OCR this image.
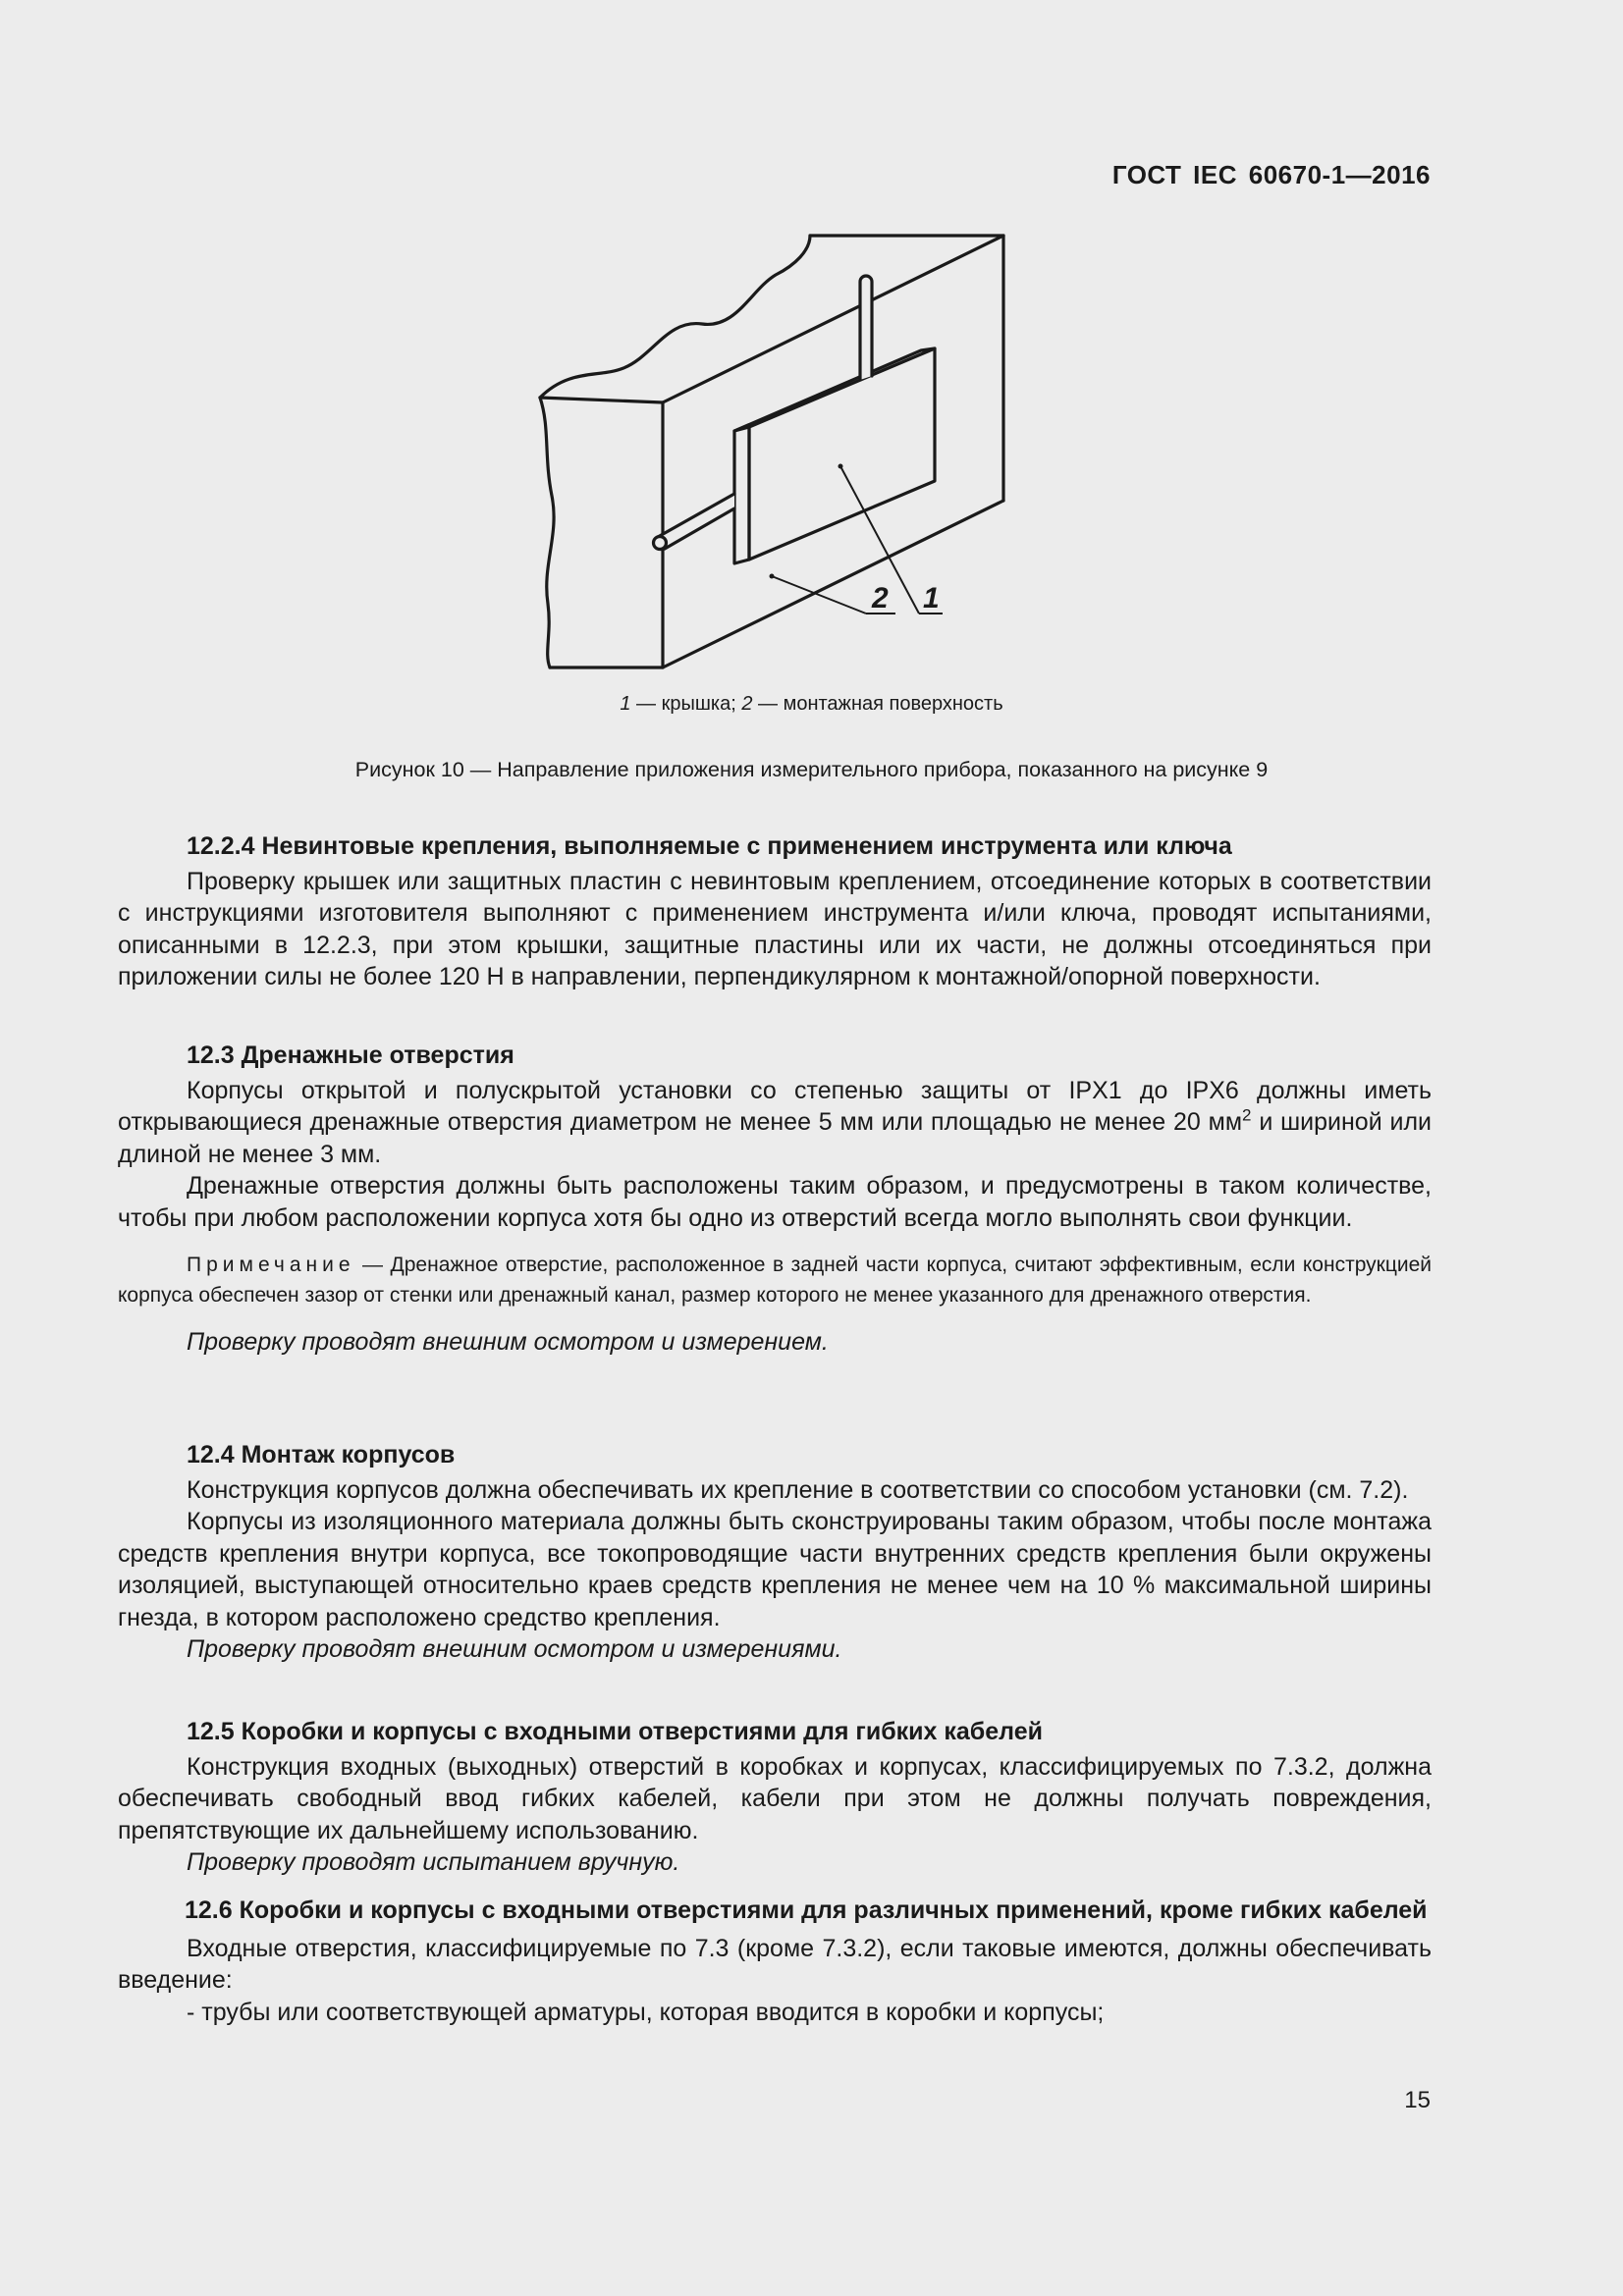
ГОСТ IEC 60670-1—2016
2 1
1 — крышка; 2 — монтажная поверхность
Рисунок 10 — Направление приложения измерительного прибора, показанного на рисунке 9

12.2.4 Невинтовые крепления, выполняемые с применением инструмента или ключа

Проверку крышек или защитных пластин с невинтовым креплением, отсоединение которых в соответствии с инструкциями изготовителя выполняют с применением инструмента и/или ключа, проводят испытаниями, описанными в 12.2.3, при этом крышки, защитные пластины или их части, не должны отсоединяться при приложении силы не более 120 Н в направлении, перпендикулярном к монтажной/опорной поверхности.

12.3 Дренажные отверстия

Корпусы открытой и полускрытой установки со степенью защиты от IPX1 до IPX6 должны иметь открывающиеся дренажные отверстия диаметром не менее 5 мм или площадью не менее 20 $мм^2$ и шириной или длиной не менее 3 мм.

Дренажные отверстия должны быть расположены таким образом, и предусмотрены в таком количестве, чтобы при любом расположении корпуса хотя бы одно из отверстий всегда могло выполнять свои функции.

Примечание — Дренажное отверстие, расположенное в задней части корпуса, считают эффективным, если конструкцией корпуса обеспечен зазор от стенки или дренажный канал, размер которого не менее указанного для дренажного отверстия.

Проверку проводят внешним осмотром и измерением.

12.4 Монтаж корпусов

Конструкция корпусов должна обеспечивать их крепление в соответствии со способом установки (см. 7.2).

Корпусы из изоляционного материала должны быть сконструированы таким образом, чтобы после монтажа средств крепления внутри корпуса, все токопроводящие части внутренних средств крепления были окружены изоляцией, выступающей относительно краев средств крепления не менее чем на 10 % максимальной ширины гнезда, в котором расположено средство крепления.

Проверку проводят внешним осмотром и измерениями.

12.5 Коробки и корпусы с входными отверстиями для гибких кабелей

Конструкция входных (выходных) отверстий в коробках и корпусах, классифицируемых по 7.3.2, должна обеспечивать свободный ввод гибких кабелей, кабели при этом не должны получать повреждения, препятствующие их дальнейшему использованию.

Проверку проводят испытанием вручную.

12.6 Коробки и корпусы с входными отверстиями для различных применений, кроме гибких кабелей

Входные отверстия, классифицируемые по 7.3 (кроме 7.3.2), если таковые имеются, должны обеспечивать введение:

- трубы или соответствующей арматуры, которая вводится в коробки и корпусы;

15
